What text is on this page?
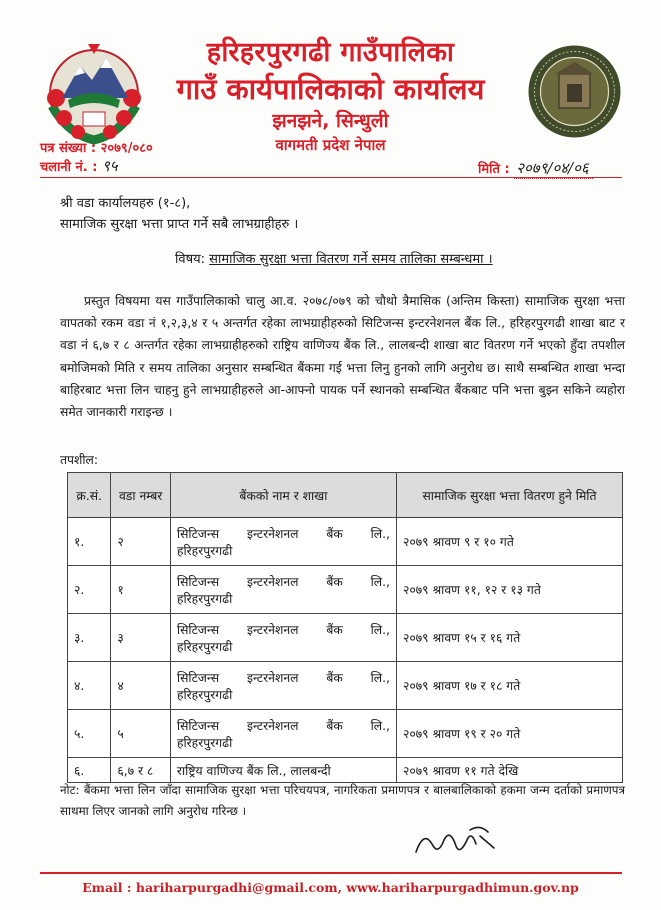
हरिहरपुरगढी गाउँपालिका
गाउँ कार्यपालिकाको कार्यालय
झनझने, सिन्धुली
वागमती प्रदेश नेपाल
पत्र संख्या : २०७९/०८०
चलानी नं. : ९५	मिति : २०७९/०४/०६
श्री वडा कार्यालयहरु (१-८),
सामाजिक सुरक्षा भत्ता प्राप्त गर्ने सबै लाभग्राहीहरु ।
विषय: सामाजिक सुरक्षा भत्ता वितरण गर्ने समय तालिका सम्बन्धमा ।
प्रस्तुत विषयमा यस गाउँपालिकाको चालु आ.व. २०७८/०७९ को चौथो त्रैमासिक (अन्तिम किस्ता) सामाजिक सुरक्षा भत्ता वापतको रकम वडा नं १,२,३,४ र ५ अन्तर्गत रहेका लाभग्राहीहरुको सिटिजन्स इन्टरनेशनल बैंक लि., हरिहरपुरगढी शाखा बाट र वडा नं ६,७ र ८ अन्तर्गत रहेका लाभग्राहीहरुको राष्ट्रिय वाणिज्य बैंक लि., लालबन्दी शाखा बाट वितरण गर्ने भएको हुँदा तपशील बमोजिमको मिति र समय तालिका अनुसार सम्बन्धित बैंकमा गई भत्ता लिनु हुनको लागि अनुरोध छ। साथै सम्बन्धित शाखा भन्दा बाहिरबाट भत्ता लिन चाहनु हुने लाभग्राहीहरुले आ-आफ्नो पायक पर्ने स्थानको सम्बन्धित बैंकबाट पनि भत्ता बुझ्न सकिने व्यहोरा समेत जानकारी गराइन्छ ।
तपशील:
क्र.सं.	वडा नम्बर	बैंकको नाम र शाखा	सामाजिक सुरक्षा भत्ता वितरण हुने मिति
१.	२	सिटिजन्स इन्टरनेशनल बैंक लि.,
हरिहरपुरगढी	२०७९ श्रावण ९ र १० गते
२.	१	सिटिजन्स इन्टरनेशनल बैंक लि.,
हरिहरपुरगढी	२०७९ श्रावण ११, १२ र १३ गते
३.	३	सिटिजन्स इन्टरनेशनल बैंक लि.,
हरिहरपुरगढी	२०७९ श्रावण १५ र १६ गते
४.	४	सिटिजन्स इन्टरनेशनल बैंक लि.,
हरिहरपुरगढी	२०७९ श्रावण १७ र १८ गते
५.	५	सिटिजन्स इन्टरनेशनल बैंक लि.,
हरिहरपुरगढी	२०७९ श्रावण १९ र २० गते
६.	६,७ र ८	राष्ट्रिय वाणिज्य बैंक लि., लालबन्दी	२०७९ श्रावण ११ गते देखि
नोट: बैंकमा भत्ता लिन जाँदा सामाजिक सुरक्षा भत्ता परिचयपत्र, नागरिकता प्रमाणपत्र र बालबालिकाको हकमा जन्म दर्ताको प्रमाणपत्र साथमा लिएर जानको लागि अनुरोध गरिन्छ ।
Email : hariharpurgadhi@gmail.com, www.hariharpurgadhimun.gov.np
